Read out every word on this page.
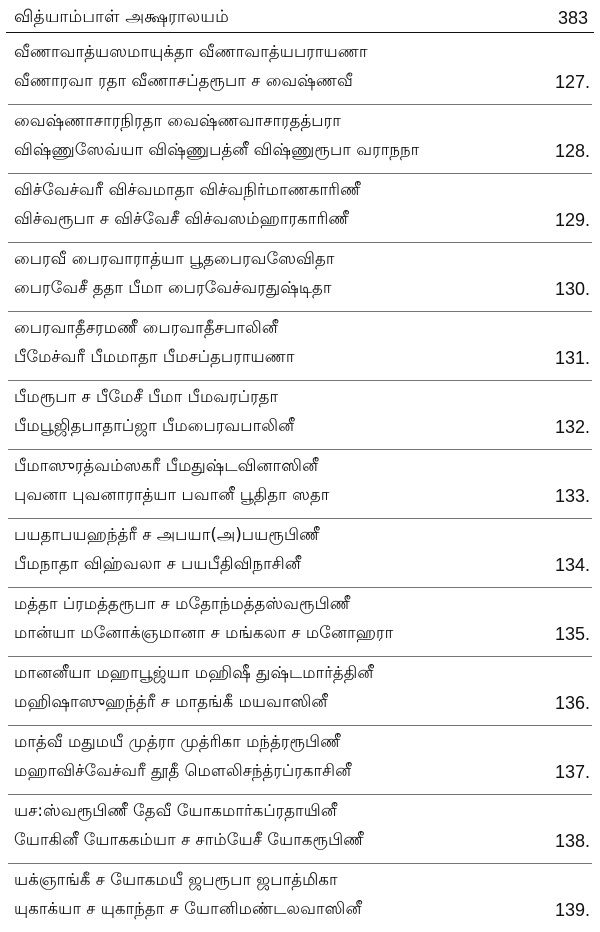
வித்யாம்பாள் அக்ஷராலயம்	383
வீணாவாத்யஸமாயுக்தா வீணாவாத்யபராயணா
வீணாரவா ரதா வீணாசப்தரூபா ச வைஷ்ணவீ	127.
வைஷ்ணாசாரநிரதா வைஷ்ணவாசாரதத்பரா
விஷ்ணுஸேவ்யா விஷ்ணுபத்னீ விஷ்ணுரூபா வராநநா	128.
விச்வேச்வரீ விச்வமாதா விச்வநிர்மாணகாரிணீ
விச்வரூபா ச விச்வேசீ விச்வஸம்ஹாரகாரிணீ	129.
பைரவீ பைரவாராத்யா பூதபைரவஸேவிதா
பைரவேசீ ததா பீமா பைரவேச்வரதுஷ்டிதா	130.
பைரவாதீசரமணீ பைரவாதீசபாலினீ
பீமேச்வரீ பீமமாதா பீமசப்தபராயணா	131.
பீமரூபா ச பீமேசீ பீமா பீமவரப்ரதா
பீமபூஜிதபாதாப்ஜா பீமபைரவபாலினீ	132.
பீமாஸுரத்வம்ஸகரீ பீமதுஷ்டவினாஸினீ
புவனா புவனாராத்யா பவானீ பூதிதா ஸதா	133.
பயதாபயஹந்த்ரீ ச அபயா(அ)பயரூபிணீ
பீமநாதா விஹ்வலா ச பயபீதிவிநாசினீ	134.
மத்தா ப்ரமத்தரூபா ச மதோந்மத்தஸ்வரூபிணீ
மான்யா மனோக்ஞமானா ச மங்கலா ச மனோஹரா	135.
மானனீயா மஹாபூஜ்யா மஹிஷீ துஷ்டமார்த்தினீ
மஹிஷாஸுஹந்த்ரீ ச மாதங்கீ மயவாஸினீ	136.
மாத்வீ மதுமயீ முத்ரா முத்ரிகா மந்த்ரரூபிணீ
மஹாவிச்வேச்வரீ தூதீ மௌலிசந்த்ரப்ரகாசினீ	137.
யச:ஸ்வரூபிணீ தேவீ யோகமார்கப்ரதாயினீ
யோகினீ யோககம்யா ச சாம்யேசீ யோகரூபிணீ	138.
யக்ஞாங்கீ ச யோகமயீ ஜபரூபா ஜபாத்மிகா
யுகாக்யா ச யுகாந்தா ச யோனிமண்டலவாஸினீ	139.
